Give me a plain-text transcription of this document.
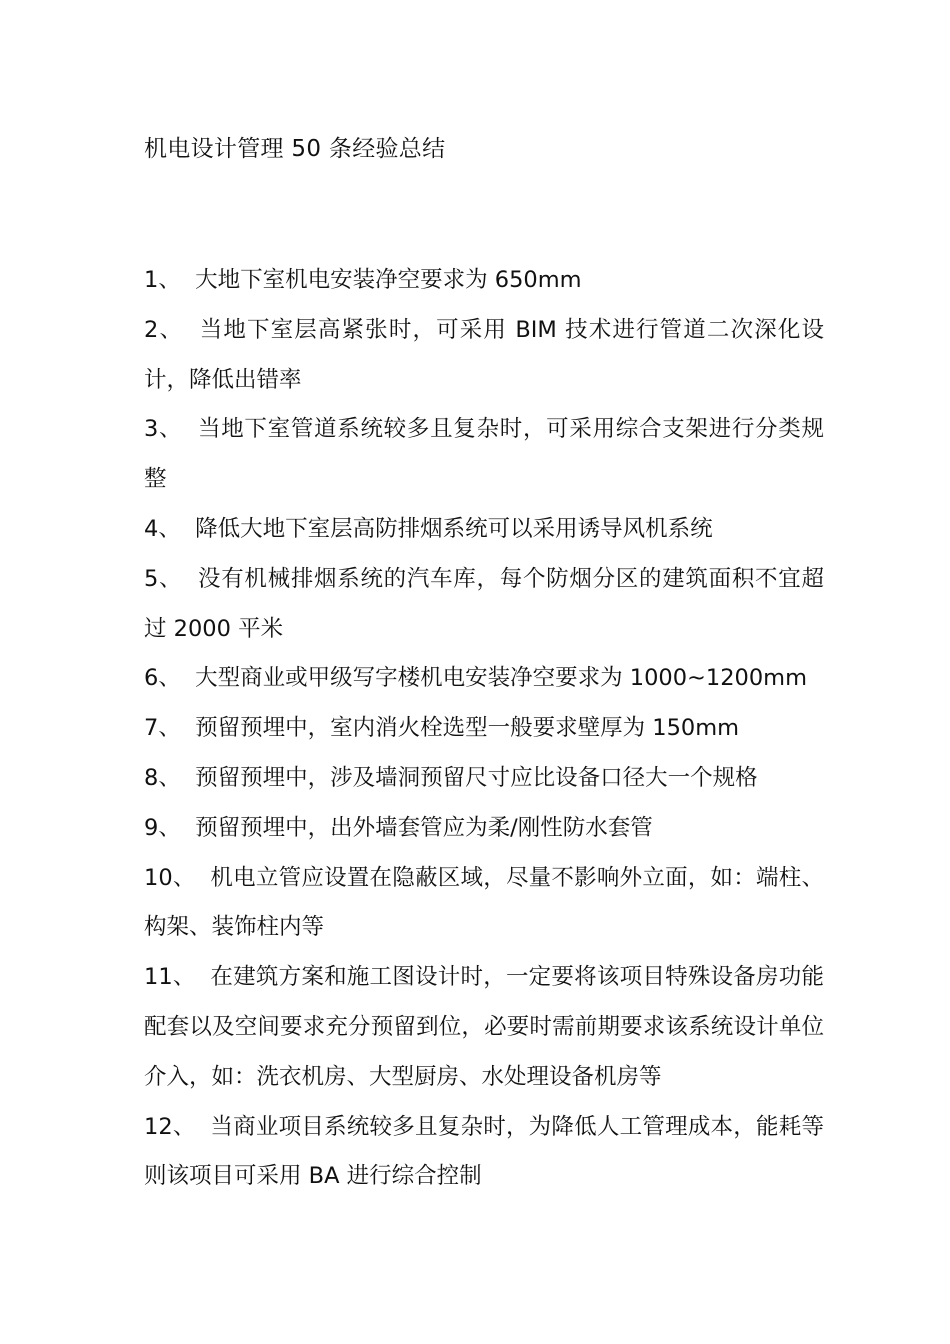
机电设计管理 50 条经验总结
1、 大地下室机电安装净空要求为 650mm
2、 当地下室层高紧张时，可采用 BIM 技术进行管道二次深化设计，降低出错率
3、 当地下室管道系统较多且复杂时，可采用综合支架进行分类规整
4、 降低大地下室层高防排烟系统可以采用诱导风机系统
5、 没有机械排烟系统的汽车库，每个防烟分区的建筑面积不宜超过 2000 平米
6、 大型商业或甲级写字楼机电安装净空要求为 1000~1200mm
7、 预留预埋中，室内消火栓选型一般要求壁厚为 150mm
8、 预留预埋中，涉及墙洞预留尺寸应比设备口径大一个规格
9、 预留预埋中，出外墙套管应为柔/刚性防水套管
10、 机电立管应设置在隐蔽区域，尽量不影响外立面，如：端柱、构架、装饰柱内等
11、 在建筑方案和施工图设计时，一定要将该项目特殊设备房功能配套以及空间要求充分预留到位，必要时需前期要求该系统设计单位介入，如：洗衣机房、大型厨房、水处理设备机房等
12、 当商业项目系统较多且复杂时，为降低人工管理成本，能耗等则该项目可采用 BA 进行综合控制
